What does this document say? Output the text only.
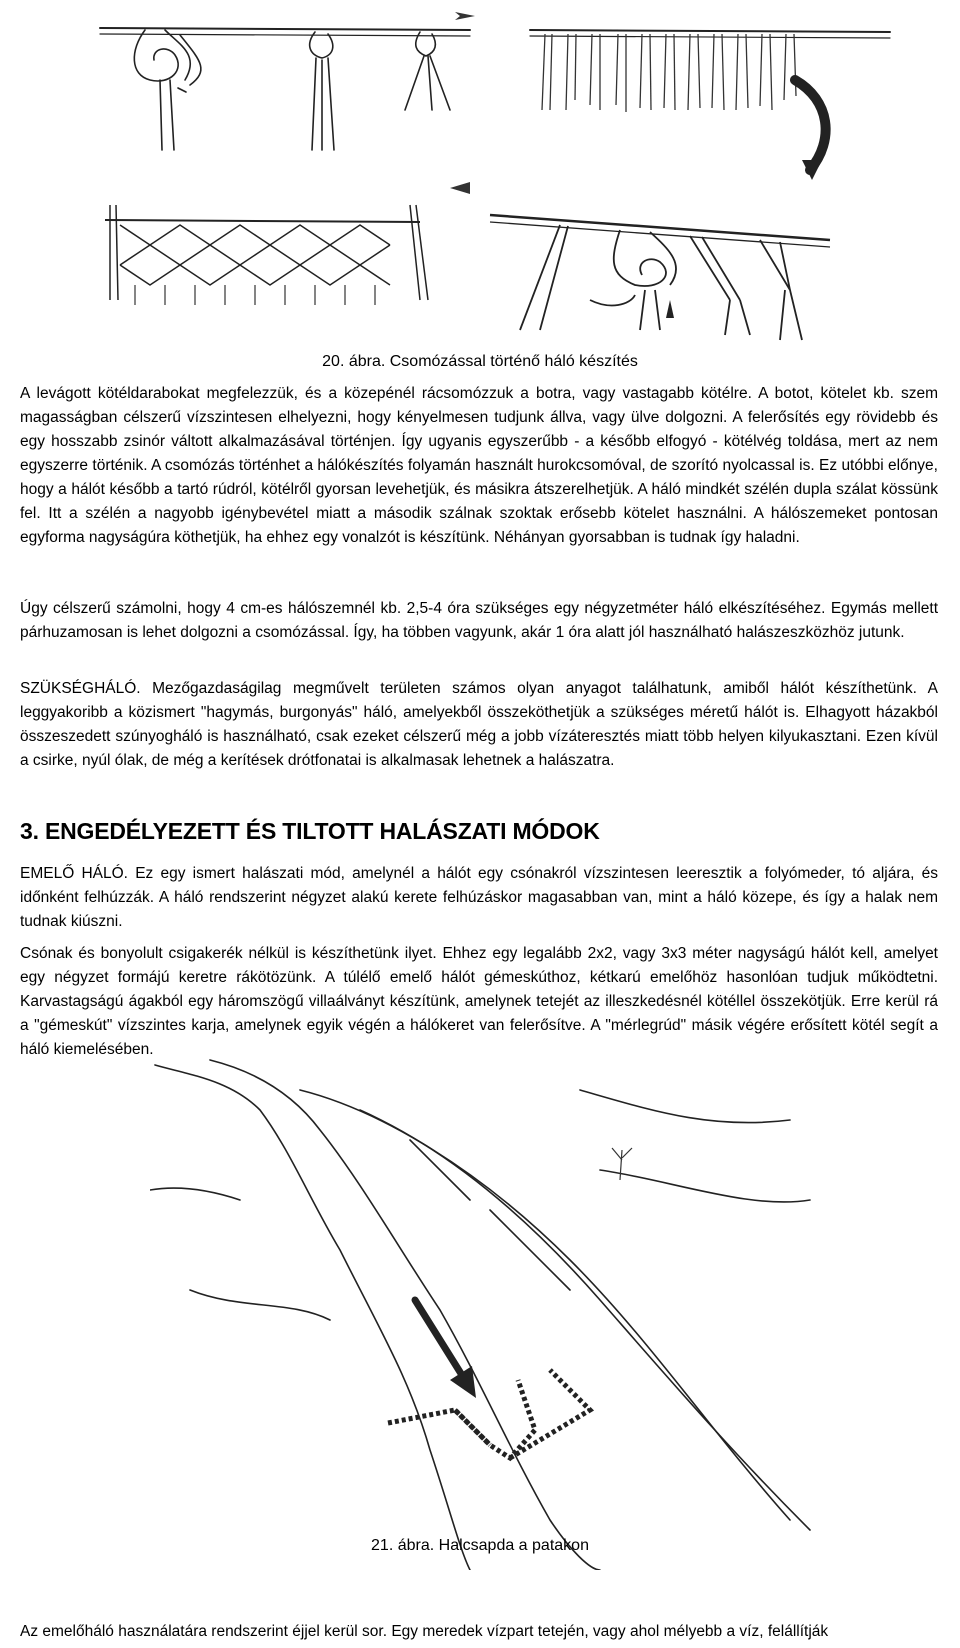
20. ábra. Csomózással történő háló készítés

A levágott kötéldarabokat megfelezzük, és a közepénél rácsomózzuk a botra, vagy vastagabb kötélre. A botot, kötelet kb. szem magasságban célszerű vízszintesen elhelyezni, hogy kényelmesen tudjunk állva, vagy ülve dolgozni. A felerősítés egy rövidebb és egy hosszabb zsinór váltott alkalmazásával történjen. Így ugyanis egyszerűbb - a később elfogyó - kötélvég toldása, mert az nem egyszerre történik. A csomózás történhet a hálókészítés folyamán használt hurokcsomóval, de szorító nyolcassal is. Ez utóbbi előnye, hogy a hálót később a tartó rúdról, kötélről gyorsan levehetjük, és másikra átszerelhetjük. A háló mindkét szélén dupla szálat kössünk fel. Itt a szélén a nagyobb igénybevétel miatt a második szálnak szoktak erősebb kötelet használni. A hálószemeket pontosan egyforma nagyságúra köthetjük, ha ehhez egy vonalzót is készítünk. Néhányan gyorsabban is tudnak így haladni.

Úgy célszerű számolni, hogy 4 cm-es hálószemnél kb. 2,5-4 óra szükséges egy négyzetméter háló elkészítéséhez. Egymás mellett párhuzamosan is lehet dolgozni a csomózással. Így, ha többen vagyunk, akár 1 óra alatt jól használható halászeszközhöz jutunk.

SZÜKSÉGHÁLÓ. Mezőgazdaságilag megművelt területen számos olyan anyagot találhatunk, amiből hálót készíthetünk. A leggyakoribb a közismert "hagymás, burgonyás" háló, amelyekből összeköthetjük a szükséges méretű hálót is. Elhagyott házakból összeszedett szúnyogháló is használható, csak ezeket célszerű még a jobb vízáteresztés miatt több helyen kilyukasztani. Ezen kívül a csirke, nyúl ólak, de még a kerítések drótfonatai is alkalmasak lehetnek a halászatra.

3. ENGEDÉLYEZETT ÉS TILTOTT HALÁSZATI MÓDOK

EMELŐ HÁLÓ. Ez egy ismert halászati mód, amelynél a hálót egy csónakról vízszintesen leeresztik a folyómeder, tó aljára, és időnként felhúzzák. A háló rendszerint négyzet alakú kerete felhúzáskor magasabban van, mint a háló közepe, és így a halak nem tudnak kiúszni.

Csónak és bonyolult csigakerék nélkül is készíthetünk ilyet. Ehhez egy legalább 2x2, vagy 3x3 méter nagyságú hálót kell, amelyet egy négyzet formájú keretre rákötözünk. A túlélő emelő hálót gémeskúthoz, kétkarú emelőhöz hasonlóan tudjuk működtetni. Karvastagságú ágakból egy háromszögű villaálványt készítünk, amelynek tetejét az illeszkedésnél kötéllel összekötjük. Erre kerül rá a "gémeskút" vízszintes karja, amelynek egyik végén a hálókeret van felerősítve. A "mérlegrúd" másik végére erősített kötél segít a háló kiemelésében.

21. ábra. Halcsapda a patakon
Az emelőháló használatára rendszerint éjjel kerül sor. Egy meredek vízpart tetején, vagy ahol mélyebb a víz, felállítják
